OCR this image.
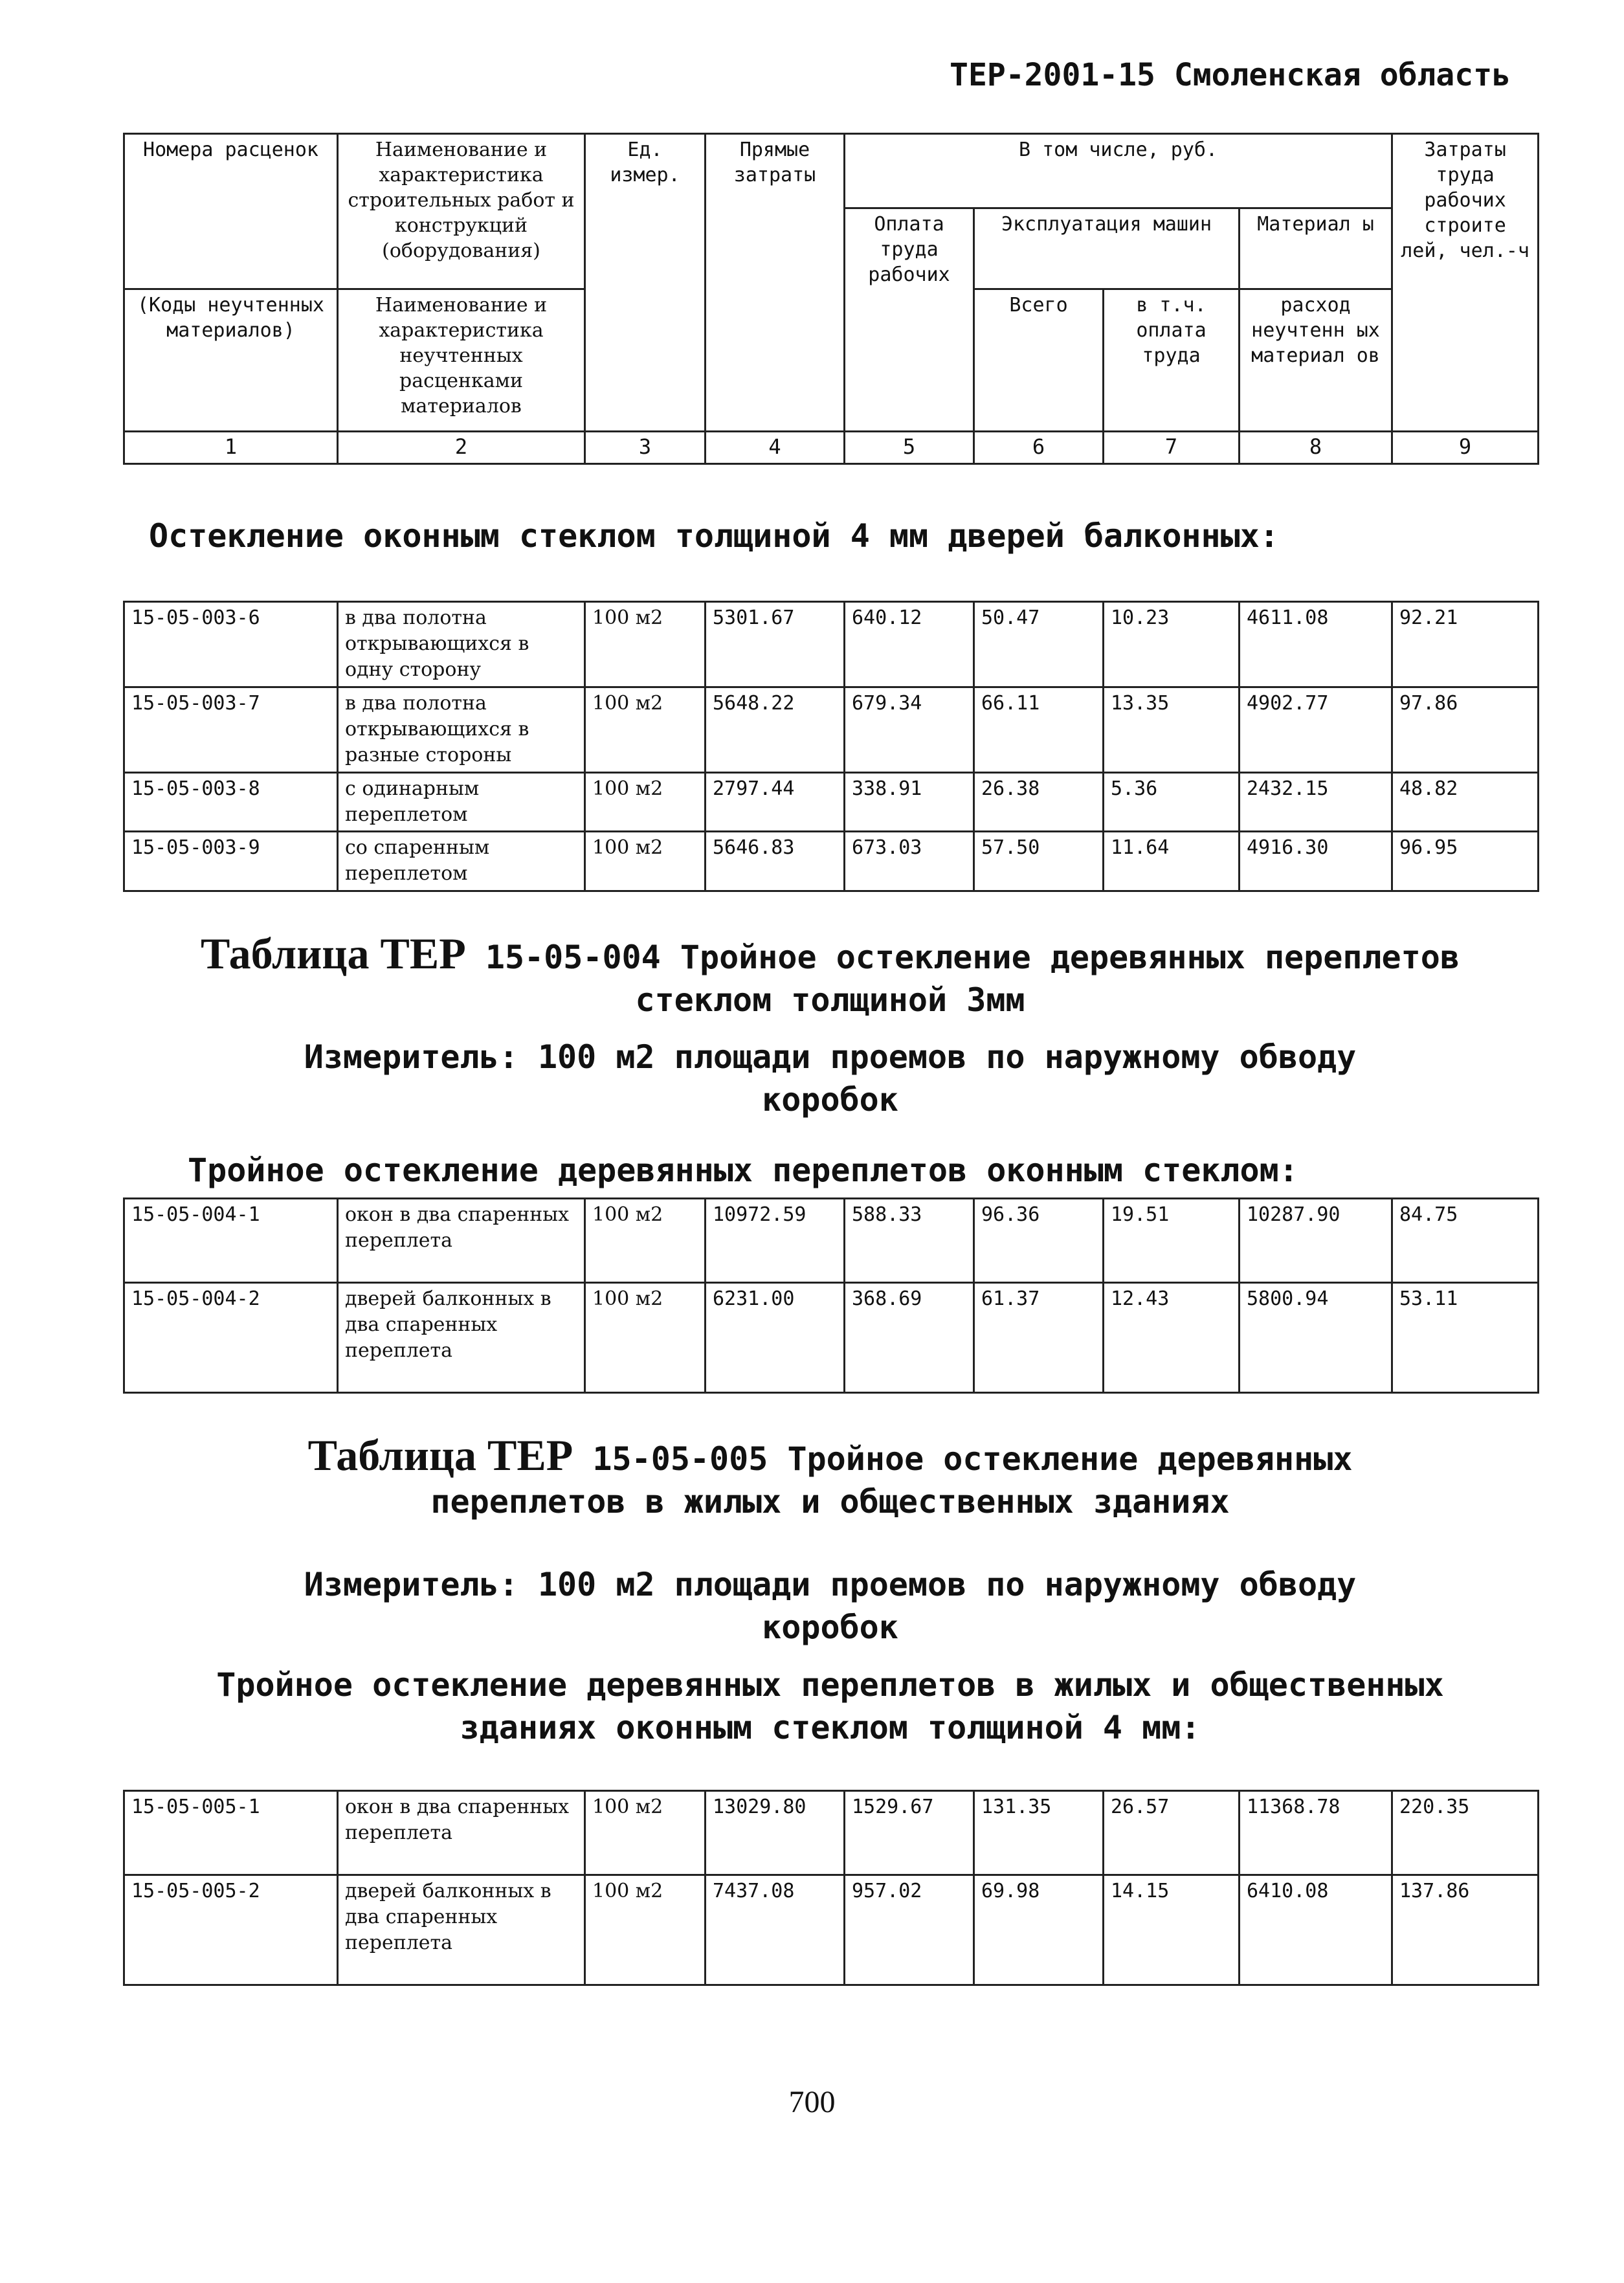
ТЕР-2001-15 Смоленская область
Номера расценок	Наименование и характеристика строительных работ и конструкций (оборудования)	Ед. измер.	Прямые затраты	В том числе, руб.				Затраты труда рабочих строите лей, чел.-ч
				Оплата труда рабочих	Эксплуатация машин		Материал ы	
(Коды неучтенных материалов)	Наименование и характеристика неучтенных расценками материалов				Всего	в т.ч. оплата труда	расход неучтенн ых материал ов	
1	2	3	4	5	6	7	8	9
Остекление оконным стеклом толщиной 4 мм дверей балконных:
15-05-003-6	в два полотна открывающихся в одну сторону	100 м2	5301.67	640.12	50.47	10.23	4611.08	92.21
15-05-003-7	в два полотна открывающихся в разные стороны	100 м2	5648.22	679.34	66.11	13.35	4902.77	97.86
15-05-003-8	с одинарным переплетом	100 м2	2797.44	338.91	26.38	5.36	2432.15	48.82
15-05-003-9	со спаренным переплетом	100 м2	5646.83	673.03	57.50	11.64	4916.30	96.95
Таблица ТЕР 15-05-004 Тройное остекление деревянных переплетов стеклом толщиной 3мм
Измеритель: 100 м2 площади проемов по наружному обводу коробок
Тройное остекление деревянных переплетов оконным стеклом:
15-05-004-1	окон в два спаренных переплета	100 м2	10972.59	588.33	96.36	19.51	10287.90	84.75
15-05-004-2	дверей балконных в два спаренных переплета	100 м2	6231.00	368.69	61.37	12.43	5800.94	53.11
Таблица ТЕР 15-05-005 Тройное остекление деревянных переплетов в жилых и общественных зданиях
Измеритель: 100 м2 площади проемов по наружному обводу коробок
Тройное остекление деревянных переплетов в жилых и общественных зданиях оконным стеклом толщиной 4 мм:
15-05-005-1	окон в два спаренных переплета	100 м2	13029.80	1529.67	131.35	26.57	11368.78	220.35
15-05-005-2	дверей балконных в два спаренных переплета	100 м2	7437.08	957.02	69.98	14.15	6410.08	137.86
700
